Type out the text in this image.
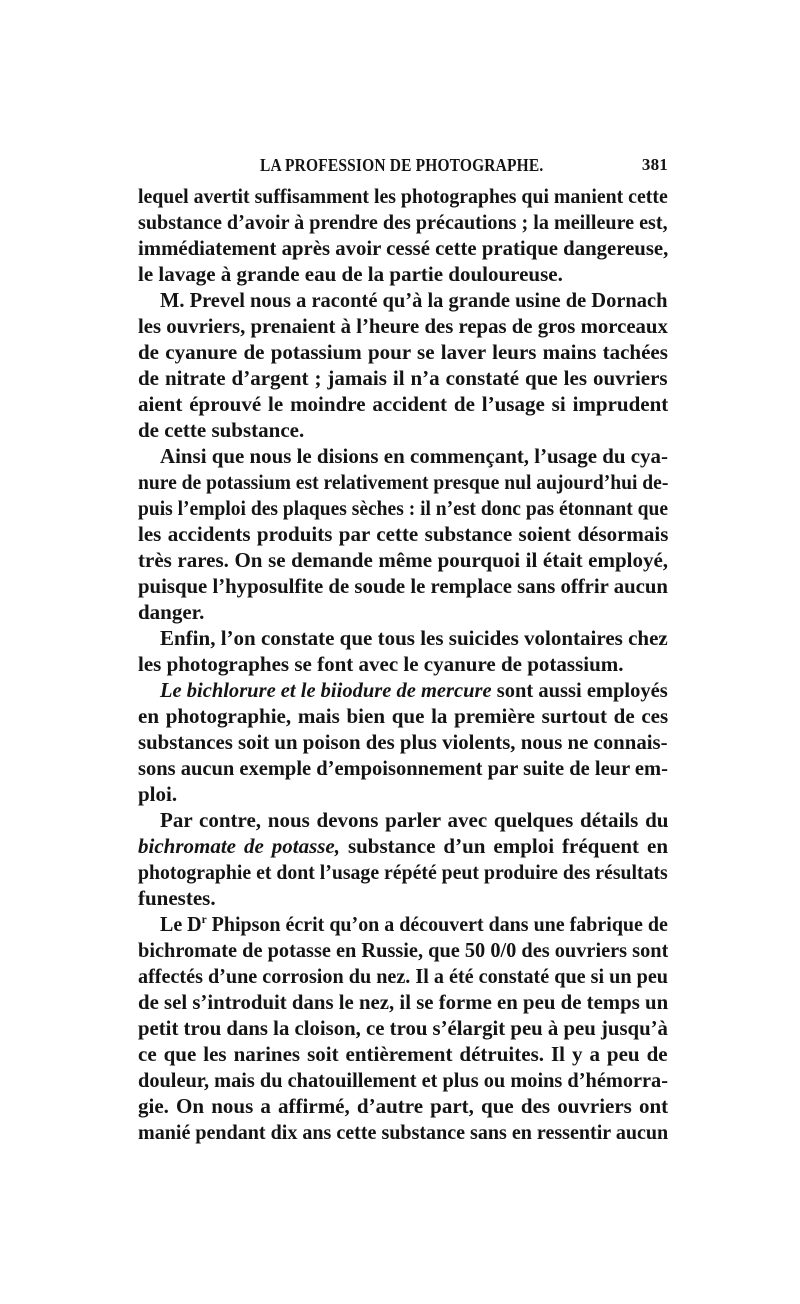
LA PROFESSION DE PHOTOGRAPHE.	381
lequel avertit suffisamment les photographes qui manient cette
substance d’avoir à prendre des précautions ; la meilleure est,
immédiatement après avoir cessé cette pratique dangereuse,
le lavage à grande eau de la partie douloureuse.
M. Prevel nous a raconté qu’à la grande usine de Dornach
les ouvriers, prenaient à l’heure des repas de gros morceaux
de cyanure de potassium pour se laver leurs mains tachées
de nitrate d’argent ; jamais il n’a constaté que les ouvriers
aient éprouvé le moindre accident de l’usage si imprudent
de cette substance.
Ainsi que nous le disions en commençant, l’usage du cya-
nure de potassium est relativement presque nul aujourd’hui de-
puis l’emploi des plaques sèches : il n’est donc pas étonnant que
les accidents produits par cette substance soient désormais
très rares. On se demande même pourquoi il était employé,
puisque l’hyposulfite de soude le remplace sans offrir aucun
danger.
Enfin, l’on constate que tous les suicides volontaires chez
les photographes se font avec le cyanure de potassium.
Le bichlorure et le biiodure de mercure sont aussi employés
en photographie, mais bien que la première surtout de ces
substances soit un poison des plus violents, nous ne connais-
sons aucun exemple d’empoisonnement par suite de leur em-
ploi.
Par contre, nous devons parler avec quelques détails du
bichromate de potasse, substance d’un emploi fréquent en
photographie et dont l’usage répété peut produire des résultats
funestes.
Le $D^r$ Phipson écrit qu’on a découvert dans une fabrique de
bichromate de potasse en Russie, que 50 0/0 des ouvriers sont
affectés d’une corrosion du nez. Il a été constaté que si un peu
de sel s’introduit dans le nez, il se forme en peu de temps un
petit trou dans la cloison, ce trou s’élargit peu à peu jusqu’à
ce que les narines soit entièrement détruites. Il y a peu de
douleur, mais du chatouillement et plus ou moins d’hémorra-
gie. On nous a affirmé, d’autre part, que des ouvriers ont
manié pendant dix ans cette substance sans en ressentir aucun
